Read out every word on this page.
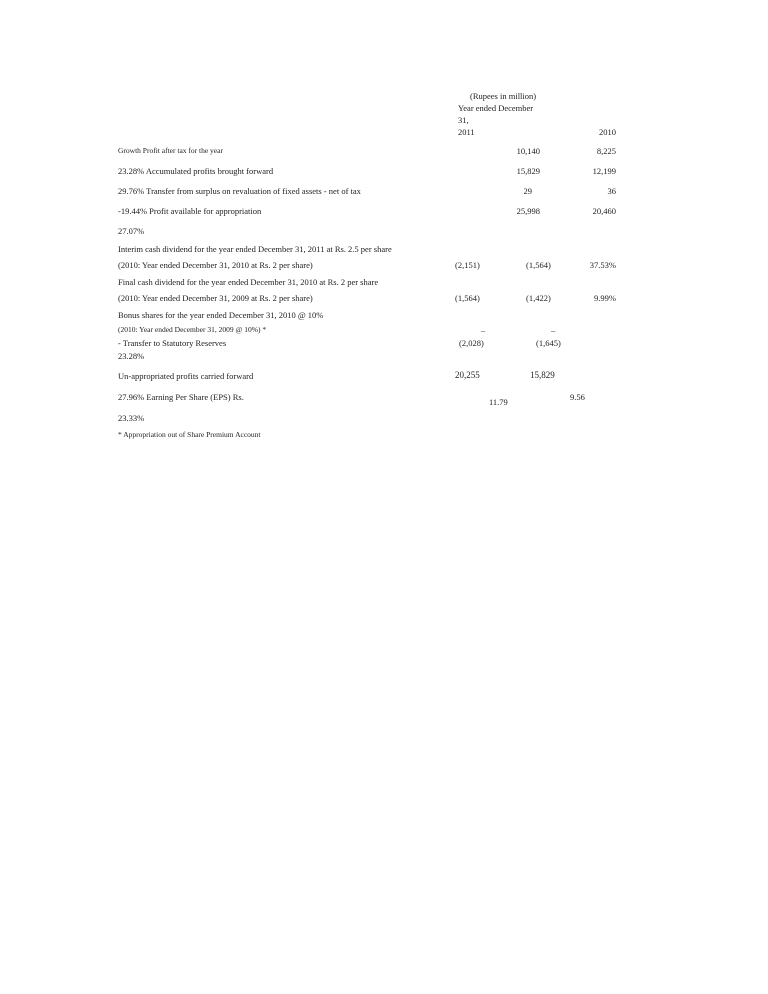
(Rupees in million)
Year ended December
31,
2011	2010
Growth Profit after tax for the year	10,140	8,225
23.28% Accumulated profits brought forward	15,829	12,199
29.76% Transfer from surplus on revaluation of fixed assets - net of tax	29	36
-19.44% Profit available for appropriation	25,998	20,460
27.07%
Interim cash dividend for the year ended December 31, 2011 at Rs. 2.5 per share
(2010: Year ended December 31, 2010 at Rs. 2 per share)	(2,151)	(1,564)	37.53%
Final cash dividend for the year ended December 31, 2010 at Rs. 2 per share
(2010: Year ended December 31, 2009 at Rs. 2 per share)	(1,564)	(1,422)	9.99%
Bonus shares for the year ended December 31, 2010 @ 10%
(2010: Year ended December 31, 2009 @ 10%) *	–	–
- Transfer to Statutory Reserves	(2,028)	(1,645)
23.28%
Un-appropriated profits carried forward	20,255	15,829
27.96% Earning Per Share (EPS) Rs.	11.79	9.56
23.33%
* Appropriation out of Share Premium Account
